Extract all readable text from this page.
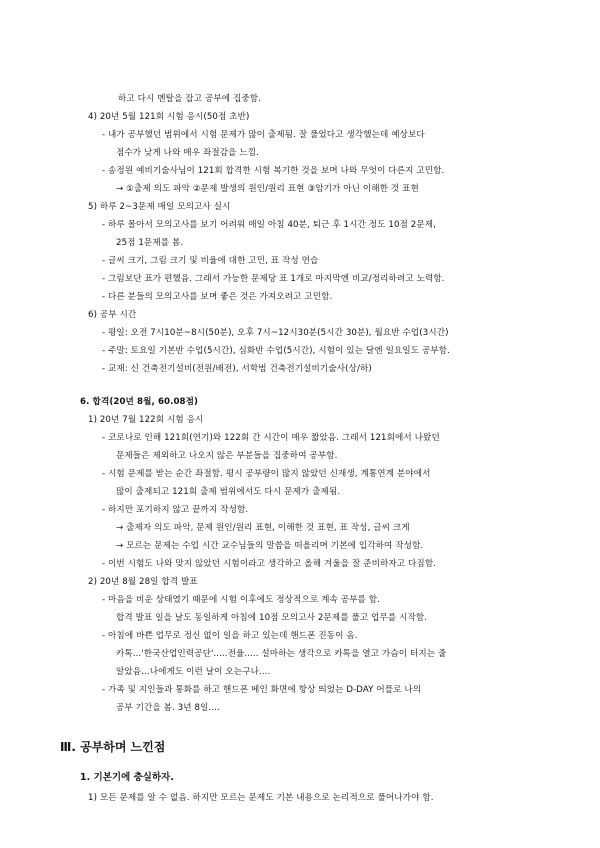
하고 다시 멘탈을 잡고 공부에 집중함.
4) 20년 5월 121회 시험 응시(50점 초반)
- 내가 공부했던 범위에서 시험 문제가 많이 출제됨. 잘 풀었다고 생각했는데 예상보다
점수가 낮게 나와 매우 좌절감을 느낌.
- 송정원 예비기술사님이 121회 합격한 시험 복기한 것을 보며 나와 무엇이 다른지 고민함.
→ ①출제 의도 파악 ②문제 발생의 원인/원리 표현 ③암기가 아닌 이해한 것 표현
5) 하루 2~3문제 매일 모의고사 실시
- 하루 몰아서 모의고사를 보기 어려워 매일 아침 40분, 퇴근 후 1시간 정도 10점 2문제,
25점 1문제를 봄.
- 글씨 크기, 그림 크기 및 비율에 대한 고민, 표 작성 연습
- 그림보단 표가 편했음. 그래서 가능한 문제당 표 1개로 마지막엔 비교/정리하려고 노력함.
- 다른 분들의 모의고사를 보며 좋은 것은 가져오려고 고민함.
6) 공부 시간
- 평일: 오전 7시10분~8시(50분), 오후 7시~12시30분(5시간 30분), 월요반 수업(3시간)
- 주말: 토요일 기본반 수업(5시간), 심화반 수업(5시간), 시험이 있는 달엔 일요일도 공부함.
- 교재: 신 건축전기설비(전원/배전), 서학범 건축전기설비기술사(상/하)
6. 합격(20년 8월, 60.08점)
1) 20년 7월 122회 시험 응시
- 코로나로 인해 121회(연기)와 122회 간 시간이 매우 짧았음. 그래서 121회에서 나왔던
문제들은 제외하고 나오지 않은 부분들을 집중하여 공부함.
- 시험 문제를 받는 순간 좌절함. 평시 공부량이 많지 않았던 신재생, 계통연계 분야에서
많이 출제되고 121회 출제 범위에서도 다시 문제가 출제됨.
- 하지만 포기하지 않고 끝까지 작성함.
→ 출제자 의도 파악, 문제 원인/원리 표현, 이해한 것 표현, 표 작성, 글씨 크게
→ 모르는 문제는 수업 시간 교수님들의 말씀을 떠올리며 기본에 입각하여 작성함.
- 이번 시험도 나와 맞지 않았던 시험이라고 생각하고 올해 겨울을 잘 준비하자고 다짐함.
2) 20년 8월 28일 합격 발표
- 마음을 비운 상태였기 때문에 시험 이후에도 정상적으로 계속 공부를 함.
합격 발표 일을 날도 동일하게 아침에 10점 모의고사 2문제를 풀고 업무를 시작함.
- 아침에 바쁜 업무로 정신 없이 일을 하고 있는데 핸드폰 진동이 옴.
카톡...'한국산업인력공단'.....전율..... 설마하는 생각으로 카톡을 열고 가슴이 터지는 줄
알았음...나에게도 이런 날이 오는구나....
- 가족 및 지인들과 통화를 하고 핸드폰 메인 화면에 항상 띄었는 D-DAY 어플로 나의
공부 기간을 봄. 3년 8일....
Ⅲ. 공부하며 느낀점
1. 기본기에 충실하자.
1) 모든 문제를 알 수 없음. 하지만 모르는 문제도 기본 내용으로 논리적으로 풀어나가야 함.
